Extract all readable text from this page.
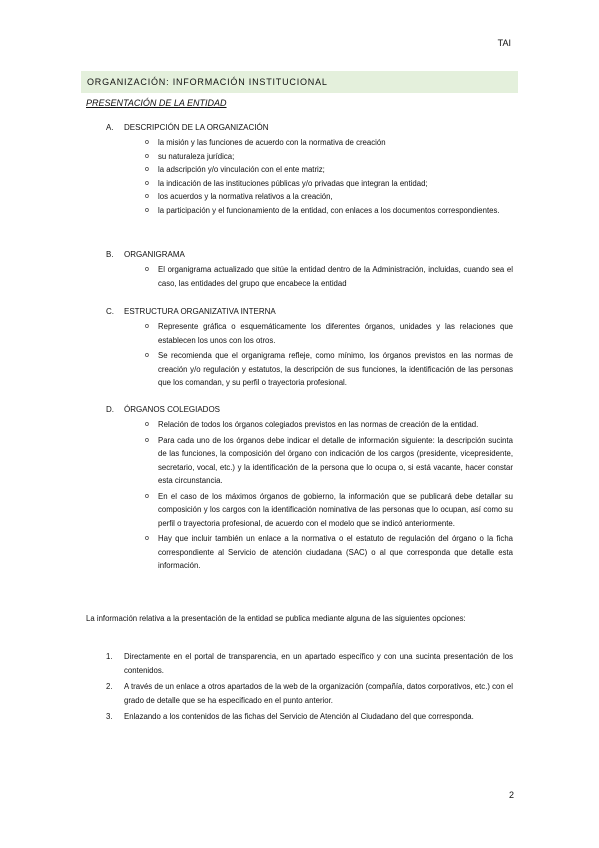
TAI
ORGANIZACIÓN: INFORMACIÓN INSTITUCIONAL
PRESENTACIÓN DE LA ENTIDAD
A. DESCRIPCIÓN DE LA ORGANIZACIÓN
o la misión y las funciones de acuerdo con la normativa de creación
o su naturaleza jurídica;
o la adscripción y/o vinculación con el ente matriz;
o la indicación de las instituciones públicas y/o privadas que integran la entidad;
o los acuerdos y la normativa relativos a la creación,
o la participación y el funcionamiento de la entidad, con enlaces a los documentos correspondientes.
B. ORGANIGRAMA
o El organigrama actualizado que sitúe la entidad dentro de la Administración, incluidas, cuando sea el caso, las entidades del grupo que encabece la entidad
C. ESTRUCTURA ORGANIZATIVA INTERNA
o Represente gráfica o esquemáticamente los diferentes órganos, unidades y las relaciones que establecen los unos con los otros.
o Se recomienda que el organigrama refleje, como mínimo, los órganos previstos en las normas de creación y/o regulación y estatutos, la descripción de sus funciones, la identificación de las personas que los comandan, y su perfil o trayectoria profesional.
D. ÓRGANOS COLEGIADOS
o Relación de todos los órganos colegiados previstos en las normas de creación de la entidad.
o Para cada uno de los órganos debe indicar el detalle de información siguiente: la descripción sucinta de las funciones, la composición del órgano con indicación de los cargos (presidente, vicepresidente, secretario, vocal, etc.) y la identificación de la persona que lo ocupa o, si está vacante, hacer constar esta circunstancia.
o En el caso de los máximos órganos de gobierno, la información que se publicará debe detallar su composición y los cargos con la identificación nominativa de las personas que lo ocupan, así como su perfil o trayectoria profesional, de acuerdo con el modelo que se indicó anteriormente.
o Hay que incluir también un enlace a la normativa o el estatuto de regulación del órgano o la ficha correspondiente al Servicio de atención ciudadana (SAC) o al que corresponda que detalle esta información.
La información relativa a la presentación de la entidad se publica mediante alguna de las siguientes opciones:
1. Directamente en el portal de transparencia, en un apartado específico y con una sucinta presentación de los contenidos.
2. A través de un enlace a otros apartados de la web de la organización (compañía, datos corporativos, etc.) con el grado de detalle que se ha especificado en el punto anterior.
3. Enlazando a los contenidos de las fichas del Servicio de Atención al Ciudadano del que corresponda.
2
